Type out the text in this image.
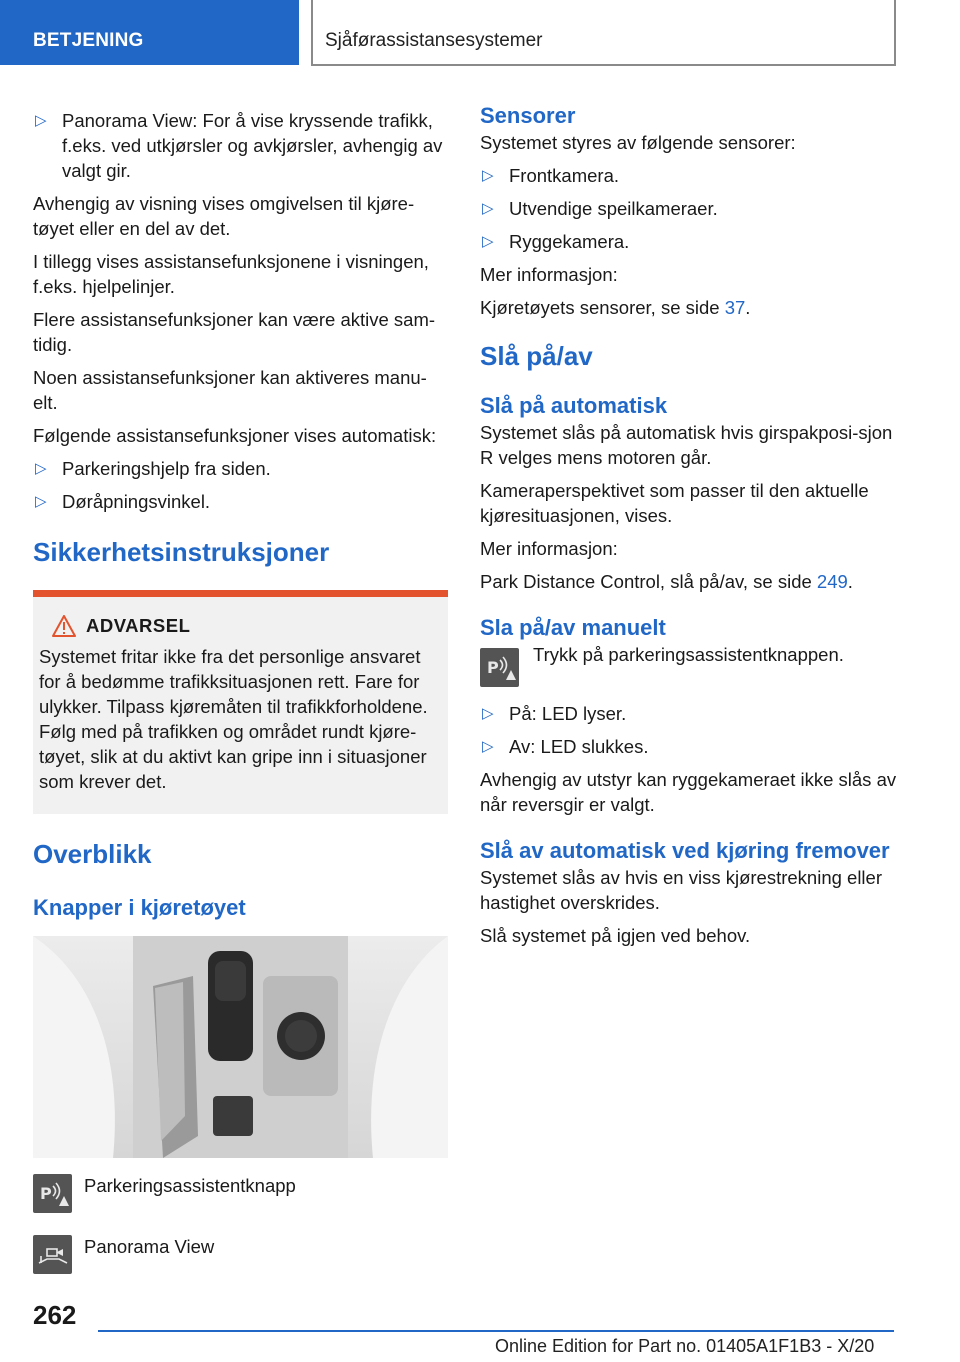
BETJENING	Sjåførassistansesystemer
▷ Panorama View: For å vise kryssende trafikk, f.eks. ved utkjørsler og avkjørsler, avhengig av valgt gir.

Avhengig av visning vises omgivelsen til kjøre-tøyet eller en del av det.

I tillegg vises assistansefunksjonene i visningen, f.eks. hjelpelinjer.

Flere assistansefunksjoner kan være aktive sam-tidig.

Noen assistansefunksjoner kan aktiveres manu-elt.

Følgende assistansefunksjoner vises automatisk:

▷ Parkeringshjelp fra siden.
▷ Døråpningsvinkel.
Sikkerhetsinstruksjoner
ADVARSEL
Systemet fritar ikke fra det personlige ansvaret for å bedømme trafikksituasjonen rett. Fare for ulykker. Tilpass kjøremåten til trafikkforholdene. Følg med på trafikken og området rundt kjøre-tøyet, slik at du aktivt kan gripe inn i situasjoner som krever det.
Overblikk
Knapper i kjøretøyet
P Parkeringsassistentknapp
Panorama View
Sensorer

Systemet styres av følgende sensorer:

▷ Frontkamera.
▷ Utvendige speilkameraer.
▷ Ryggekamera.

Mer informasjon:

Kjøretøyets sensorer, se side 37.

Slå på/av
Slå på automatisk

Systemet slås på automatisk hvis girspakposi-sjon R velges mens motoren går.

Kameraperspektivet som passer til den aktuelle kjøresituasjonen, vises.

Mer informasjon:

Park Distance Control, slå på/av, se side 249.

Sla på/av manuelt
P
Trykk på parkeringsassistentknappen.
▷ På: LED lyser.
▷ Av: LED slukkes.

Avhengig av utstyr kan ryggekameraet ikke slås av når reversgir er valgt.

Slå av automatisk ved kjøring fremover

Systemet slås av hvis en viss kjørestrekning eller hastighet overskrides.

Slå systemet på igjen ved behov.

262
Online Edition for Part no. 01405A1F1B3 - X/20
